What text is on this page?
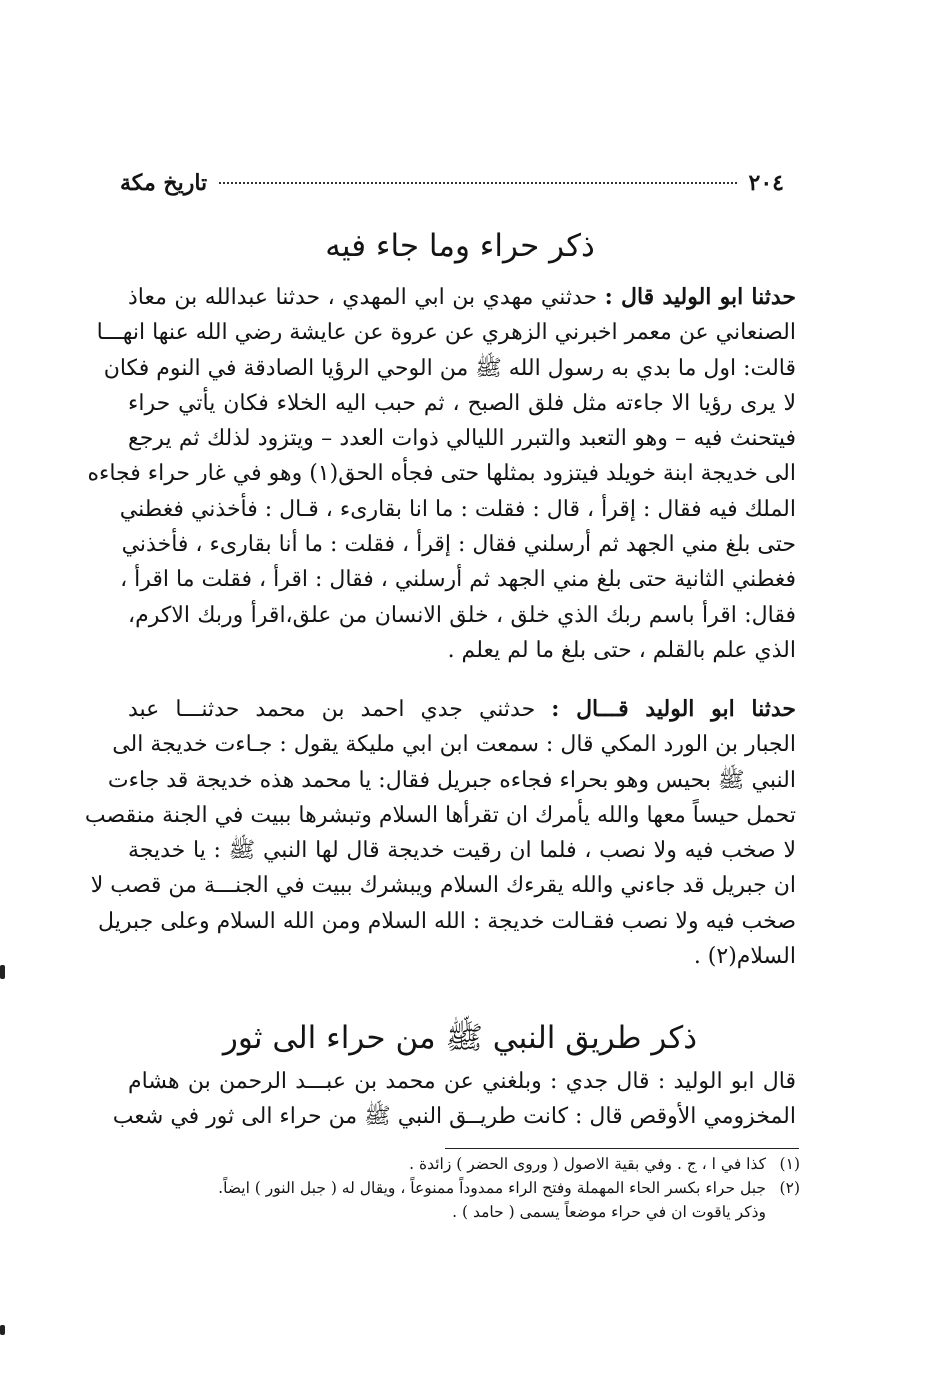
٢٠٤
تاريخ مكة
ذكر حراء وما جاء فيه
حدثنا ابو الوليد قال : حدثني مهدي بن ابي المهدي ، حدثنا عبدالله بن معاذ
الصنعاني عن معمر اخبرني الزهري عن عروة عن عايشة رضي الله عنها انهـــا
قالت: اول ما بدي به رسول الله ﷺ من الوحي الرؤيا الصادقة في النوم فكان
لا يرى رؤيا الا جاءته مثل فلق الصبح ، ثم حبب اليه الخلاء فكان يأتي حراء
فيتحنث فيه – وهو التعبد والتبرر الليالي ذوات العدد – ويتزود لذلك ثم يرجع
الى خديجة ابنة خويلد فيتزود بمثلها حتى فجأه الحق(١) وهو في غار حراء فجاءه
الملك فيه فقال : إقرأ ، قال : فقلت : ما انا بقارىء ، قـال : فأخذني فغطني
حتى بلغ مني الجهد ثم أرسلني فقال : إقرأ ، فقلت : ما أنا بقارىء ، فأخذني
فغطني الثانية حتى بلغ مني الجهد ثم أرسلني ، فقال : اقرأ ، فقلت ما اقرأ ،
فقال: اقرأ باسم ربك الذي خلق ، خلق الانسان من علق،اقرأ وربك الاكرم،
الذي علم بالقلم ، حتى بلغ ما لم يعلم .
حدثنا ابو الوليد قـــال : حدثني جدي احمد بن محمد حدثنـــا عبد
الجبار بن الورد المكي قال : سمعت ابن ابي مليكة يقول : جـاءت خديجة الى
النبي ﷺ بحيس وهو بحراء فجاءه جبريل فقال: يا محمد هذه خديجة قد جاءت
تحمل حيساً معها والله يأمرك ان تقرأها السلام وتبشرها ببيت في الجنة منقصب
لا صخب فيه ولا نصب ، فلما ان رقيت خديجة قال لها النبي ﷺ : يا خديجة
ان جبريل قد جاءني والله يقرءك السلام ويبشرك ببيت في الجنـــة من قصب لا
صخب فيه ولا نصب فقـالت خديجة : الله السلام ومن الله السلام وعلى جبريل
السلام(٢) .
ذكر طريق النبي ﷺ من حراء الى ثور
قال ابو الوليد : قال جدي : وبلغني عن محمد بن عبـــد الرحمن بن هشام
المخزومي الأوقص قال : كانت طريــق النبي ﷺ من حراء الى ثور في شعب
(١)كذا في ا ، ج . وفي بقية الاصول ( وروى الحضر ) زائدة .
(٢)جبل حراء بكسر الحاء المهملة وفتح الراء ممدوداً ممنوعاً ، ويقال له ( جبل النور ) ايضاً.
وذكر ياقوت ان في حراء موضعاً يسمى ( حامد ) .
